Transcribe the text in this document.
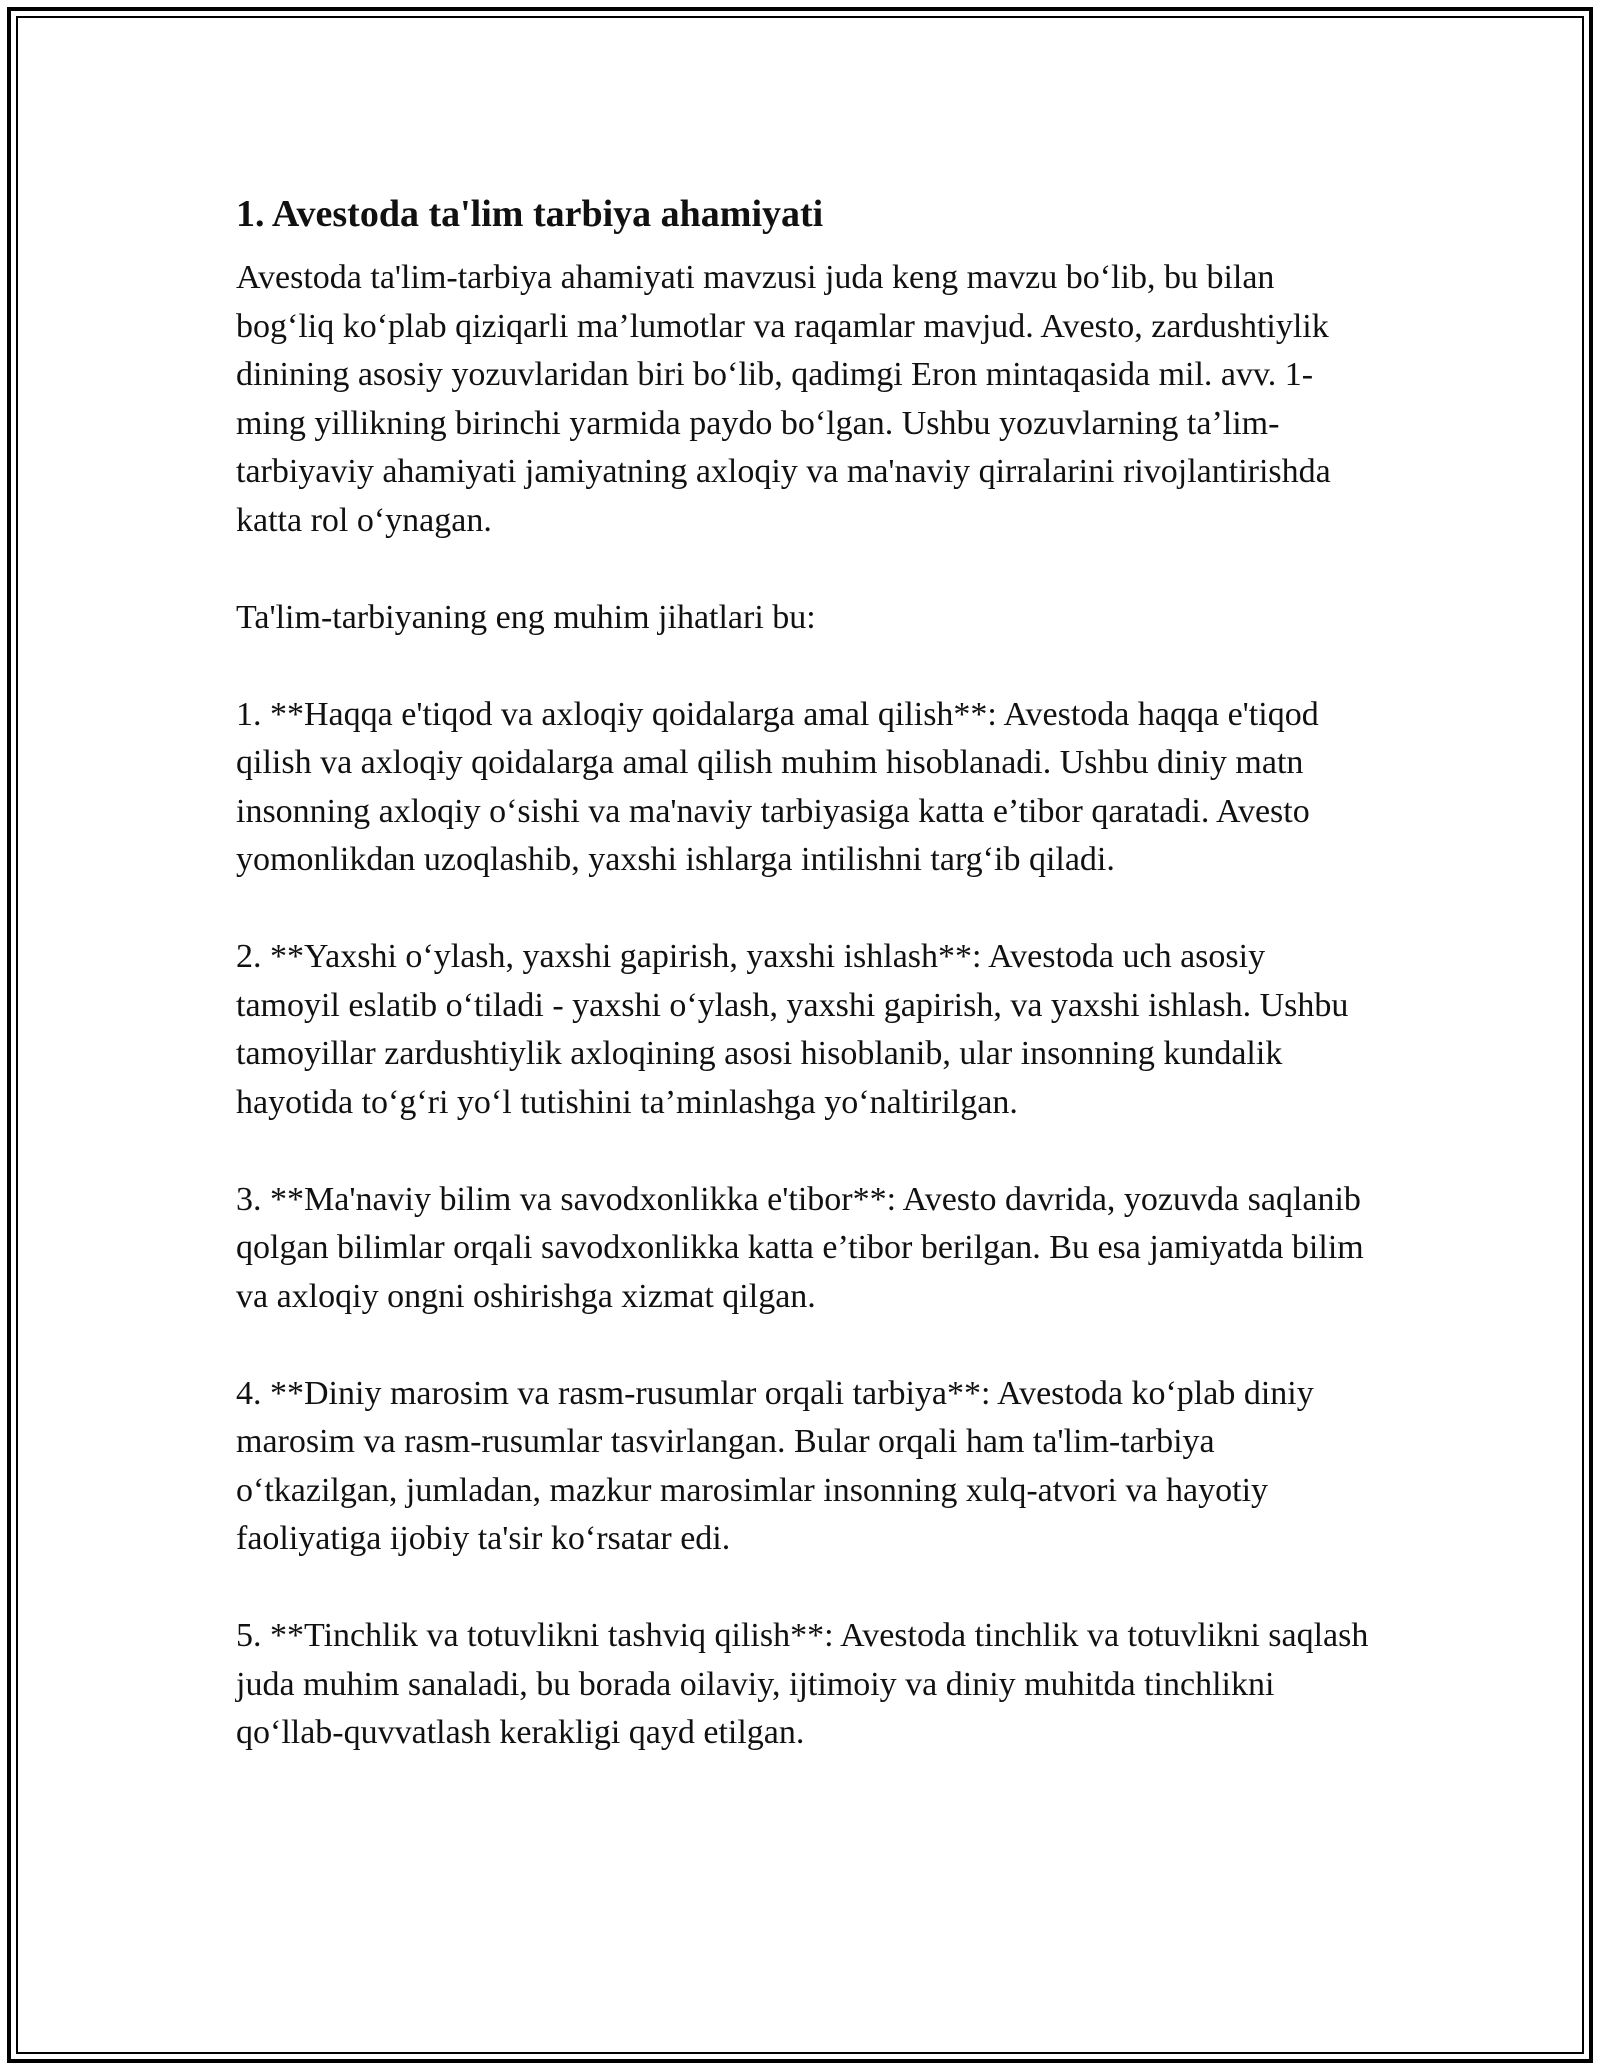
1. Avestoda ta'lim tarbiya ahamiyati

Avestoda ta'lim-tarbiya ahamiyati mavzusi juda keng mavzu bo‘lib, bu bilan bog‘liq ko‘plab qiziqarli ma’lumotlar va raqamlar mavjud. Avesto, zardushtiylik dinining asosiy yozuvlaridan biri bo‘lib, qadimgi Eron mintaqasida mil. avv. 1-ming yillikning birinchi yarmida paydo bo‘lgan. Ushbu yozuvlarning ta’lim-tarbiyaviy ahamiyati jamiyatning axloqiy va ma'naviy qirralarini rivojlantirishda katta rol o‘ynagan.

Ta'lim-tarbiyaning eng muhim jihatlari bu:

1. **Haqqa e'tiqod va axloqiy qoidalarga amal qilish**: Avestoda haqqa e'tiqod qilish va axloqiy qoidalarga amal qilish muhim hisoblanadi. Ushbu diniy matn insonning axloqiy o‘sishi va ma'naviy tarbiyasiga katta e’tibor qaratadi. Avesto yomonlikdan uzoqlashib, yaxshi ishlarga intilishni targ‘ib qiladi.

2. **Yaxshi o‘ylash, yaxshi gapirish, yaxshi ishlash**: Avestoda uch asosiy tamoyil eslatib o‘tiladi - yaxshi o‘ylash, yaxshi gapirish, va yaxshi ishlash. Ushbu tamoyillar zardushtiylik axloqining asosi hisoblanib, ular insonning kundalik hayotida to‘g‘ri yo‘l tutishini ta’minlashga yo‘naltirilgan.

3. **Ma'naviy bilim va savodxonlikka e'tibor**: Avesto davrida, yozuvda saqlanib qolgan bilimlar orqali savodxonlikka katta e’tibor berilgan. Bu esa jamiyatda bilim va axloqiy ongni oshirishga xizmat qilgan.

4. **Diniy marosim va rasm-rusumlar orqali tarbiya**: Avestoda ko‘plab diniy marosim va rasm-rusumlar tasvirlangan. Bular orqali ham ta'lim-tarbiya o‘tkazilgan, jumladan, mazkur marosimlar insonning xulq-atvori va hayotiy faoliyatiga ijobiy ta'sir ko‘rsatar edi.

5. **Tinchlik va totuvlikni tashviq qilish**: Avestoda tinchlik va totuvlikni saqlash juda muhim sanaladi, bu borada oilaviy, ijtimoiy va diniy muhitda tinchlikni qo‘llab-quvvatlash kerakligi qayd etilgan.
